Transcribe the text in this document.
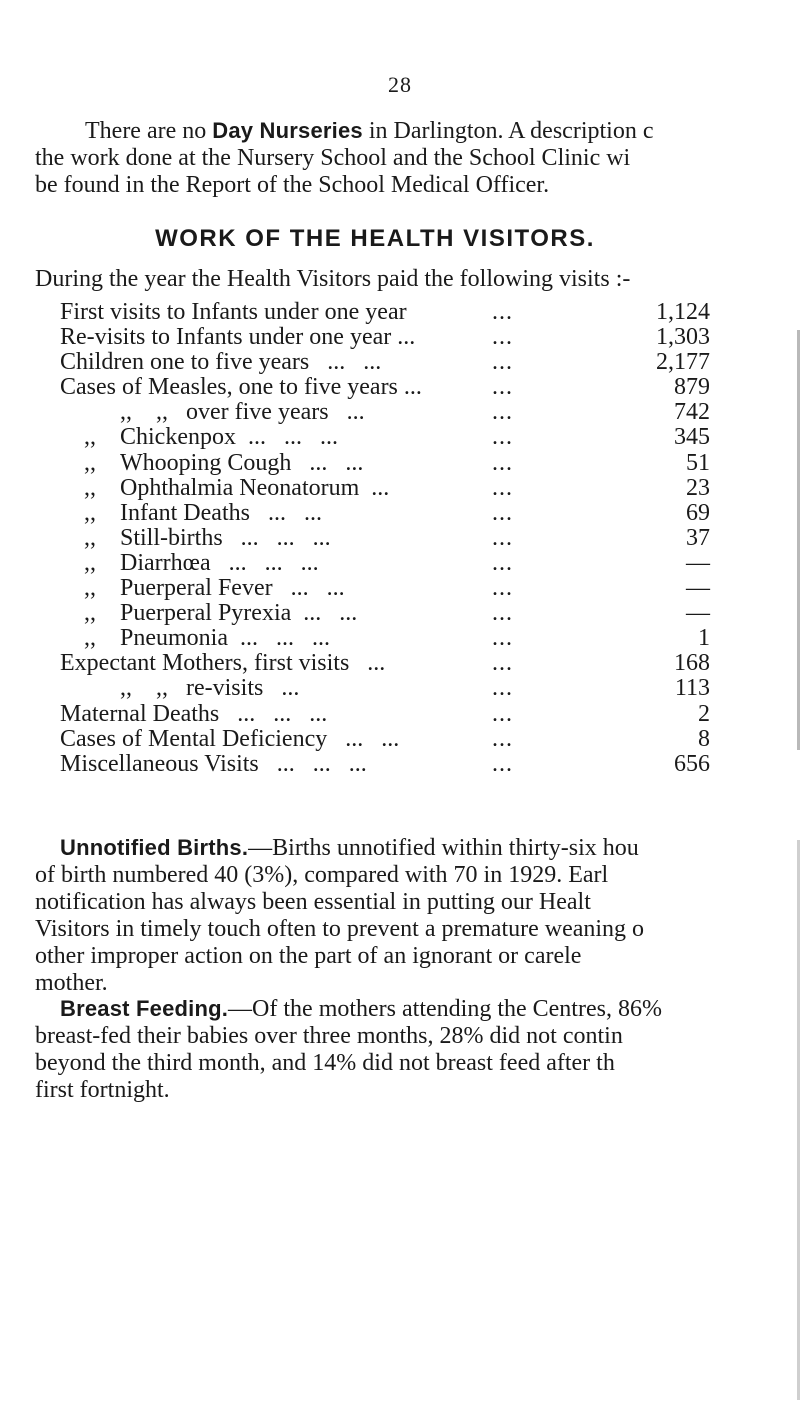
28
There are no Day Nurseries in Darlington. A description c
the work done at the Nursery School and the School Clinic wi
be found in the Report of the School Medical Officer.
WORK OF THE HEALTH VISITORS.
During the year the Health Visitors paid the following visits :-
First visits to Infants under one year	...	1,124
Re-visits to Infants under one year ...	...	1,303
Children one to five years   ...   ...	...	2,177
Cases of Measles, one to five years ...	...	879
,, ,,   over five years   ...	...	742
,, Chickenpox  ...   ...   ...	...	345
,, Whooping Cough   ...   ...	...	51
,, Ophthalmia Neonatorum  ...	...	23
,, Infant Deaths   ...   ...	...	69
,, Still-births   ...   ...   ...	...	37
,, Diarrhœa   ...   ...   ...	...	—
,, Puerperal Fever   ...   ...	...	—
,, Puerperal Pyrexia  ...   ...	...	—
,, Pneumonia  ...   ...   ...	...	1
Expectant Mothers, first visits   ...	...	168
,, ,,   re-visits   ...	...	113
Maternal Deaths   ...   ...   ...	...	2
Cases of Mental Deficiency   ...   ...	...	8
Miscellaneous Visits   ...   ...   ...	...	656
Unnotified Births.—Births unnotified within thirty-six hou
of birth numbered 40 (3%), compared with 70 in 1929. Earl
notification has always been essential in putting our Healt
Visitors in timely touch often to prevent a premature weaning o
other improper action on the part of an ignorant or carele
mother.
Breast Feeding.—Of the mothers attending the Centres, 86%
breast-fed their babies over three months, 28% did not contin
beyond the third month, and 14% did not breast feed after th
first fortnight.
